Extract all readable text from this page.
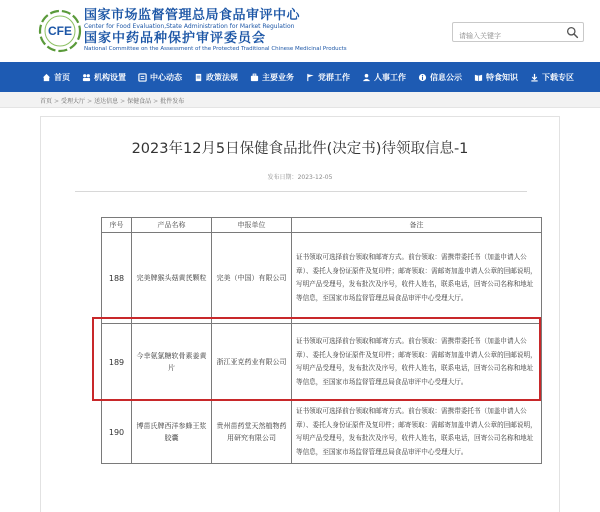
CFE
国家市场监督管理总局食品审评中心
Center for Food Evaluation,State Administration for Market Regulation
国家中药品种保护审评委员会
National Committee on the Assessment of the Protected Traditional Chinese Medicinal Products
请输入关键字
首页	机构设置	中心动态	政策法规	主要业务	党群工作	人事工作	信息公示	特食知识	下载专区
首页 > 受理大厅 > 送达信息 > 保健食品 > 批件发布
2023年12月5日保健食品批件(决定书)待领取信息-1
发布日期：2023-12-05
序号	产品名称	申报单位	备注
188	完美牌猴头菇黄芪颗粒	完美（中国）有限公司	证书领取可选择前台领取和邮寄方式。前台领取：需携带委托书（加盖申请人公章）、委托人身份证原件及复印件；邮寄领取：需邮寄加盖申请人公章的回邮说明，写明产品受理号，发布批次及序号，收件人姓名，联系电话，回寄公司名称和地址等信息，至国家市场监督管理总局食品审评中心受理大厅。
189	今幸氨氯糖软骨素姜黄片	浙江亚克药业有限公司	证书领取可选择前台领取和邮寄方式。前台领取：需携带委托书（加盖申请人公章）、委托人身份证原件及复印件；邮寄领取：需邮寄加盖申请人公章的回邮说明，写明产品受理号，发布批次及序号，收件人姓名，联系电话，回寄公司名称和地址等信息，至国家市场监督管理总局食品审评中心受理大厅。
190	博苗氏牌西洋参蜂王浆胶囊	贵州苗药堂天然植物药用研究有限公司	证书领取可选择前台领取和邮寄方式。前台领取：需携带委托书（加盖申请人公章）、委托人身份证原件及复印件；邮寄领取：需邮寄加盖申请人公章的回邮说明，写明产品受理号，发布批次及序号，收件人姓名，联系电话，回寄公司名称和地址等信息，至国家市场监督管理总局食品审评中心受理大厅。
